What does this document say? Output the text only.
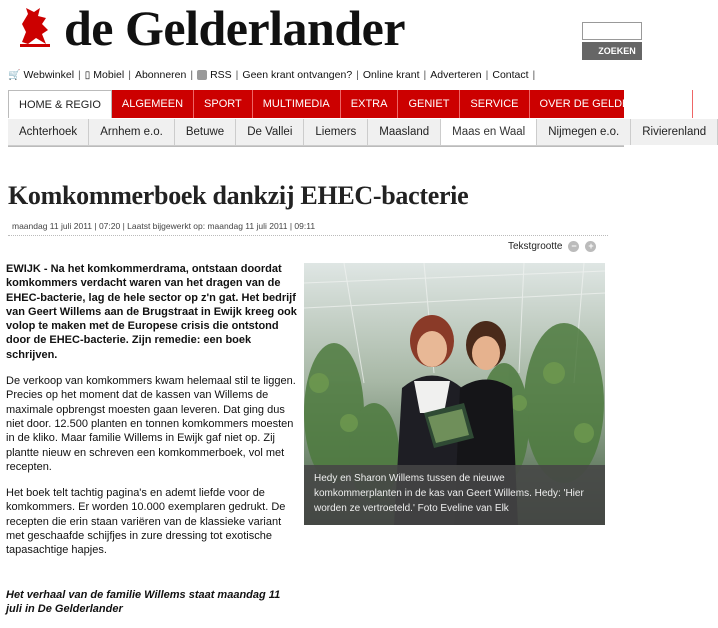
de Gelderlander	ZOEKEN
🛒 Webwinkel | ▯ Mobiel | Abonneren | RSS | Geen krant ontvangen? | Online krant | Adverteren | Contact |
HOME & REGIO	ALGEMEEN	SPORT	MULTIMEDIA	EXTRA	GENIET	SERVICE	OVER DE GELDERLANDER
Achterhoek	Arnhem e.o.	Betuwe	De Vallei	Liemers	Maasland	Maas en Waal	Nijmegen e.o.	Rivierenland
Komkommerboek dankzij EHEC-bacterie
maandag 11 juli 2011 | 07:20 | Laatst bijgewerkt op: maandag 11 juli 2011 | 09:11
Tekstgrootte −	+

EWIJK - Na het komkommerdrama, ontstaan doordat komkommers verdacht waren van het dragen van de EHEC-bacterie, lag de hele sector op z'n gat. Het bedrijf van Geert Willems aan de Brugstraat in Ewijk kreeg ook volop te maken met de Europese crisis die ontstond door de EHEC-bacterie. Zijn remedie: een boek schrijven.

De verkoop van komkommers kwam helemaal stil te liggen. Precies op het moment dat de kassen van Willems de maximale opbrengst moesten gaan leveren. Dat ging dus niet door. 12.500 planten en tonnen komkommers moesten in de kliko. Maar familie Willems in Ewijk gaf niet op. Zij plantte nieuw en schreven een komkommerboek, vol met recepten.

Het boek telt tachtig pagina's en ademt liefde voor de komkommers. Er worden 10.000 exemplaren gedrukt. De recepten die erin staan variëren van de klassieke variant met geschaafde schijfjes in zure dressing tot exotische tapasachtige hapjes.

Het verhaal van de familie Willems staat maandag 11 juli in De Gelderlander

Hedy en Sharon Willems tussen de nieuwe komkommerplanten in de kas van Geert Willems. Hedy: 'Hier worden ze vertroeteld.' Foto Eveline van Elk
